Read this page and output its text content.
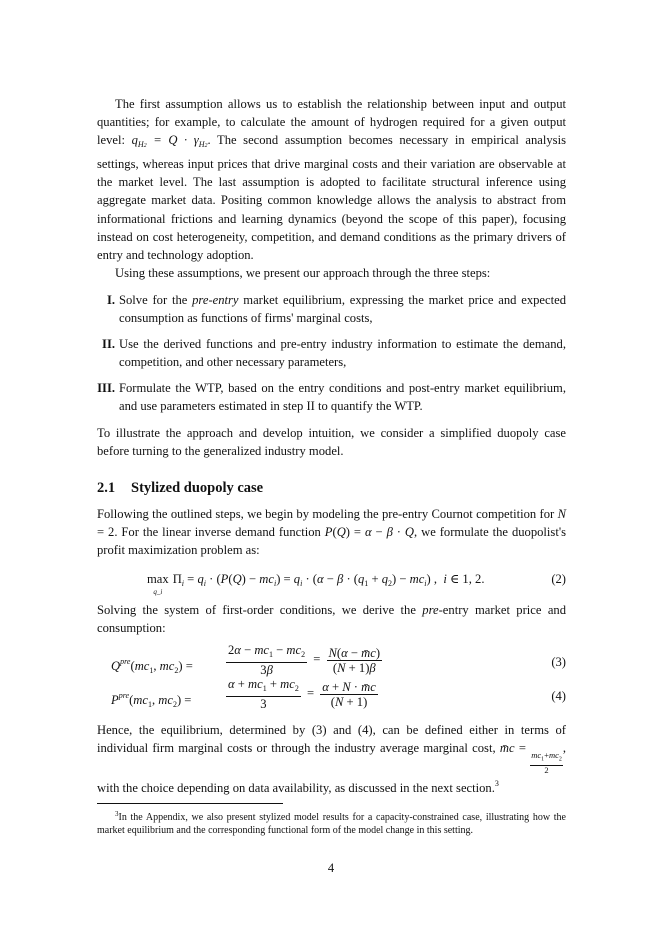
The first assumption allows us to establish the relationship between input and output quantities; for example, to calculate the amount of hydrogen required for a given output level: $q_{H2} = Q \cdot \gamma_{H2}$. The second assumption becomes necessary in empirical analysis settings, whereas input prices that drive marginal costs and their variation are observable at the market level. The last assumption is adopted to facilitate structural inference using aggregate market data. Positing common knowledge allows the analysis to abstract from informational frictions and learning dynamics (beyond the scope of this paper), focusing instead on cost heterogeneity, competition, and demand conditions as the primary drivers of entry and technology adoption.

Using these assumptions, we present our approach through the three steps:

I. Solve for the pre-entry market equilibrium, expressing the market price and expected consumption as functions of firms' marginal costs,
II. Use the derived functions and pre-entry industry information to estimate the demand, competition, and other necessary parameters,
III. Formulate the WTP, based on the entry conditions and post-entry market equilibrium, and use parameters estimated in step II to quantify the WTP.

To illustrate the approach and develop intuition, we consider a simplified duopoly case before turning to the generalized industry model.

2.1 Stylized duopoly case

Following the outlined steps, we begin by modeling the pre-entry Cournot competition for N = 2. For the linear inverse demand function P(Q) = α − β · Q, we formulate the duopolist's profit maximization problem as:

max
q_i
$\Pi_i = q_i \cdot (P(Q) - mc_i) = q_i \cdot (\alpha - \beta \cdot (q_1 + q_2) - mc_i)$ ,  i ∈ 1, 2.	(2)

Solving the system of first-order conditions, we derive the pre-entry market price and consumption:

$Q^{pre}(mc_1$, $mc_2$) =	$\frac{2\alpha - mc_1 - mc_2}{3\beta} = \frac{N(\alpha - m̄c)}{(N + 1)\beta}$	(3)
$P^{pre}(mc_1$, $mc_2$) =	$\frac{\alpha + mc_1 + mc_2}{3} = \frac{\alpha + N \cdot m̄c}{(N + 1)}$	(4)

Hence, the equilibrium, determined by (3) and (4), can be defined either in terms of individual firm marginal costs or through the industry average marginal cost, m̄c =
$\frac{mc_1+mc_2}{2}$
, with the choice depending on data availability, as discussed in the next section.$^3$

$^3$In the Appendix, we also present stylized model results for a capacity-constrained case, illustrating how the market equilibrium and the corresponding functional form of the model change in this setting.

4
